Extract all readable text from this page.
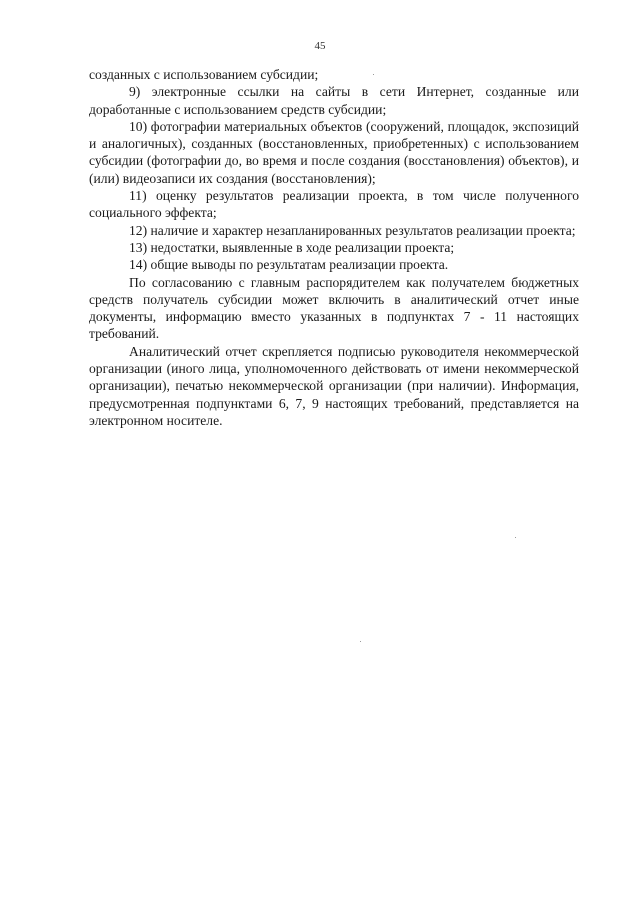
45

созданных с использованием субсидии;

9) электронные ссылки на сайты в сети Интернет, созданные или доработанные с использованием средств субсидии;

10) фотографии материальных объектов (сооружений, площадок, экспозиций и аналогичных), созданных (восстановленных, приобретенных) с использованием субсидии (фотографии до, во время и после создания (восстановления) объектов), и (или) видеозаписи их создания (восстановления);

11) оценку результатов реализации проекта, в том числе полученного социального эффекта;

12) наличие и характер незапланированных результатов реализации проекта;

13) недостатки, выявленные в ходе реализации проекта;

14) общие выводы по результатам реализации проекта.

По согласованию с главным распорядителем как получателем бюджетных средств получатель субсидии может включить в аналитический отчет иные документы, информацию вместо указанных в подпунктах 7 - 11 настоящих требований.

Аналитический отчет скрепляется подписью руководителя некоммерческой организации (иного лица, уполномоченного действовать от имени некоммерческой организации), печатью некоммерческой организации (при наличии). Информация, предусмотренная подпунктами 6, 7, 9 настоящих требований, представляется на электронном носителе.
